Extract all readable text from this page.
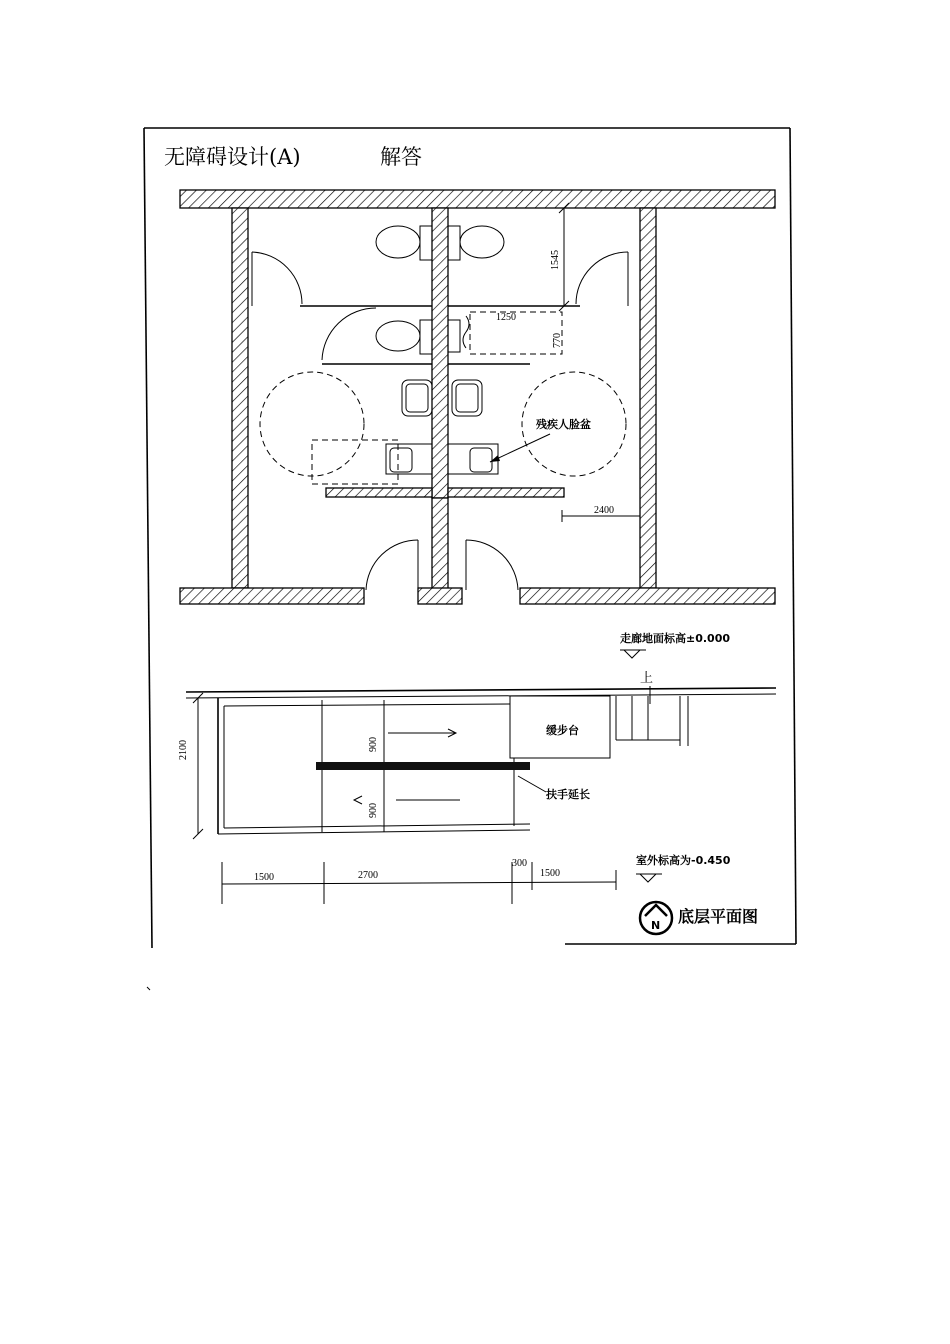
无障碍设计(A)	解答
1545
1250
770
残疾人脸盆
2400
走廊地面标高±0.000
上
缓步台
扶手延长
2100	900
900
1500	2700
300
1500
室外标高为-0.450
N 底层平面图
